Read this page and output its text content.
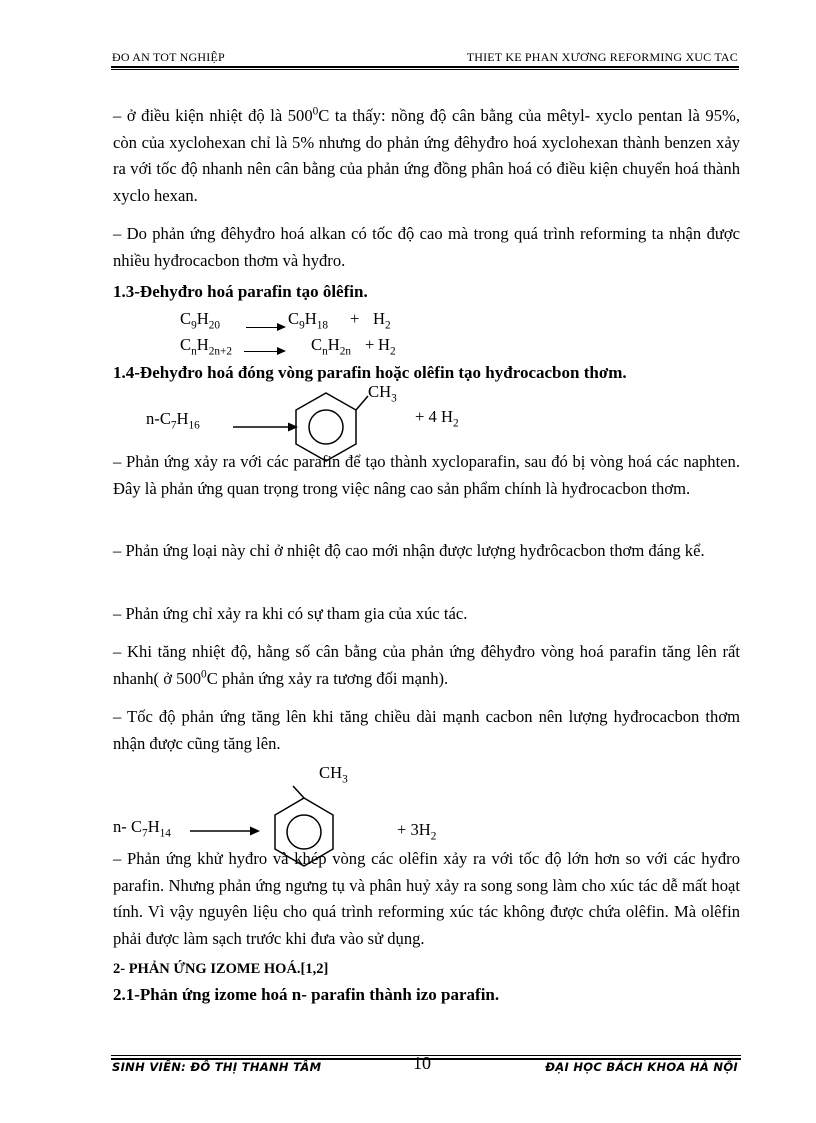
ĐO AN TOT NGHIỆP	THIET KE PHAN XƯƠNG REFORMING XUC TAC

– ở điều kiện nhiệt độ là $500^0C$ ta thấy: nồng độ cân bằng của mêtyl- xyclo pentan là 95%, còn của xyclohexan chỉ là 5% nhưng do phản ứng đêhyđro hoá xyclohexan thành benzen xảy ra với tốc độ nhanh nên cân bằng của phản ứng đồng phân hoá có điều kiện chuyển hoá thành xyclo hexan.

– Do phản ứng đêhyđro hoá alkan có tốc độ cao mà trong quá trình reforming ta nhận được nhiều hyđrocacbon thơm và hyđro.

1.3-Đehyđro hoá parafin tạo ôlêfin.
$C_9H_{20}$	$C_9H_{18} + H_2$
$C_nH_{2n+2}$	$C_nH_{2n} + H_2$
1.4-Đehyđro hoá đóng vòng parafin hoặc olêfin tạo hyđrocacbon thơm.
$CH_3$
$n-C_7H_{16}$	+ 4 $H_2$

– Phản ứng xảy ra với các parafin để tạo thành xycloparafin, sau đó bị vòng hoá các naphten. Đây là phản ứng quan trọng trong việc nâng cao sản phẩm chính là hyđrocacbon thơm.

– Phản ứng loại này chỉ ở nhiệt độ cao mới nhận được lượng hyđrôcacbon thơm đáng kể.

– Phản ứng chỉ xảy ra khi có sự tham gia của xúc tác.

– Khi tăng nhiệt độ, hằng số cân bằng của phản ứng đêhyđro vòng hoá parafin tăng lên rất nhanh( ở $500^0C$ phản ứng xảy ra tương đối mạnh).

– Tốc độ phản ứng tăng lên khi tăng chiều dài mạnh cacbon nên lượng hyđrocacbon thơm nhận được cũng tăng lên.

$CH_3$
n- $C_7H_{14}$	+ $3H_2$

– Phản ứng khử hyđro và khép vòng các olêfin xảy ra với tốc độ lớn hơn so với các hyđro parafin. Nhưng phản ứng ngưng tụ và phân huỷ xảy ra song song làm cho xúc tác dễ mất hoạt tính. Vì vậy nguyên liệu cho quá trình reforming xúc tác không được chứa olêfin. Mà olêfin phải được làm sạch trước khi đưa vào sử dụng.

2- PHẢN ỨNG IZOME HOÁ.[1,2]
2.1-Phản ứng izome hoá n- parafin thành izo parafin.
SINH VIÊN: ĐỖ THỊ THANH TÂM	10	ĐẠI HỌC BÁCH KHOA HÀ NỘI
